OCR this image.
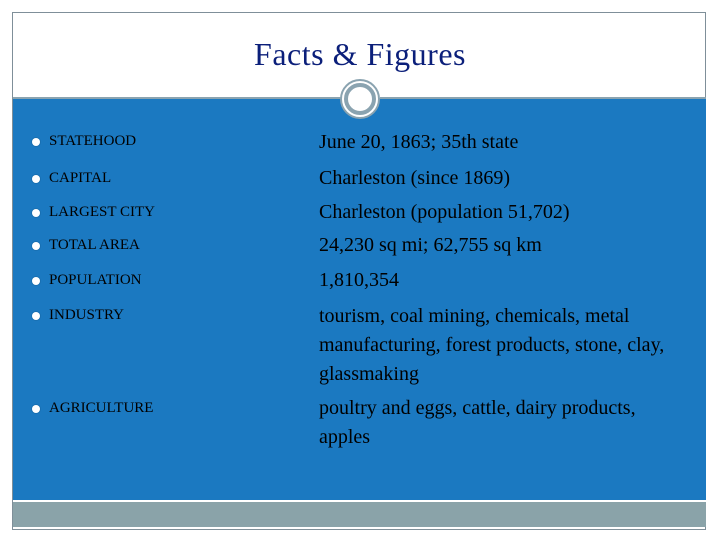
Facts & Figures
STATEHOOD
CAPITAL
LARGEST CITY
TOTAL AREA
POPULATION
INDUSTRY
AGRICULTURE
June 20, 1863; 35th state
Charleston (since 1869)
Charleston (population 51,702)
24,230 sq mi; 62,755 sq km
1,810,354
tourism, coal mining, chemicals, metal manufacturing, forest products, stone, clay, glassmaking
poultry and eggs, cattle, dairy products, apples
